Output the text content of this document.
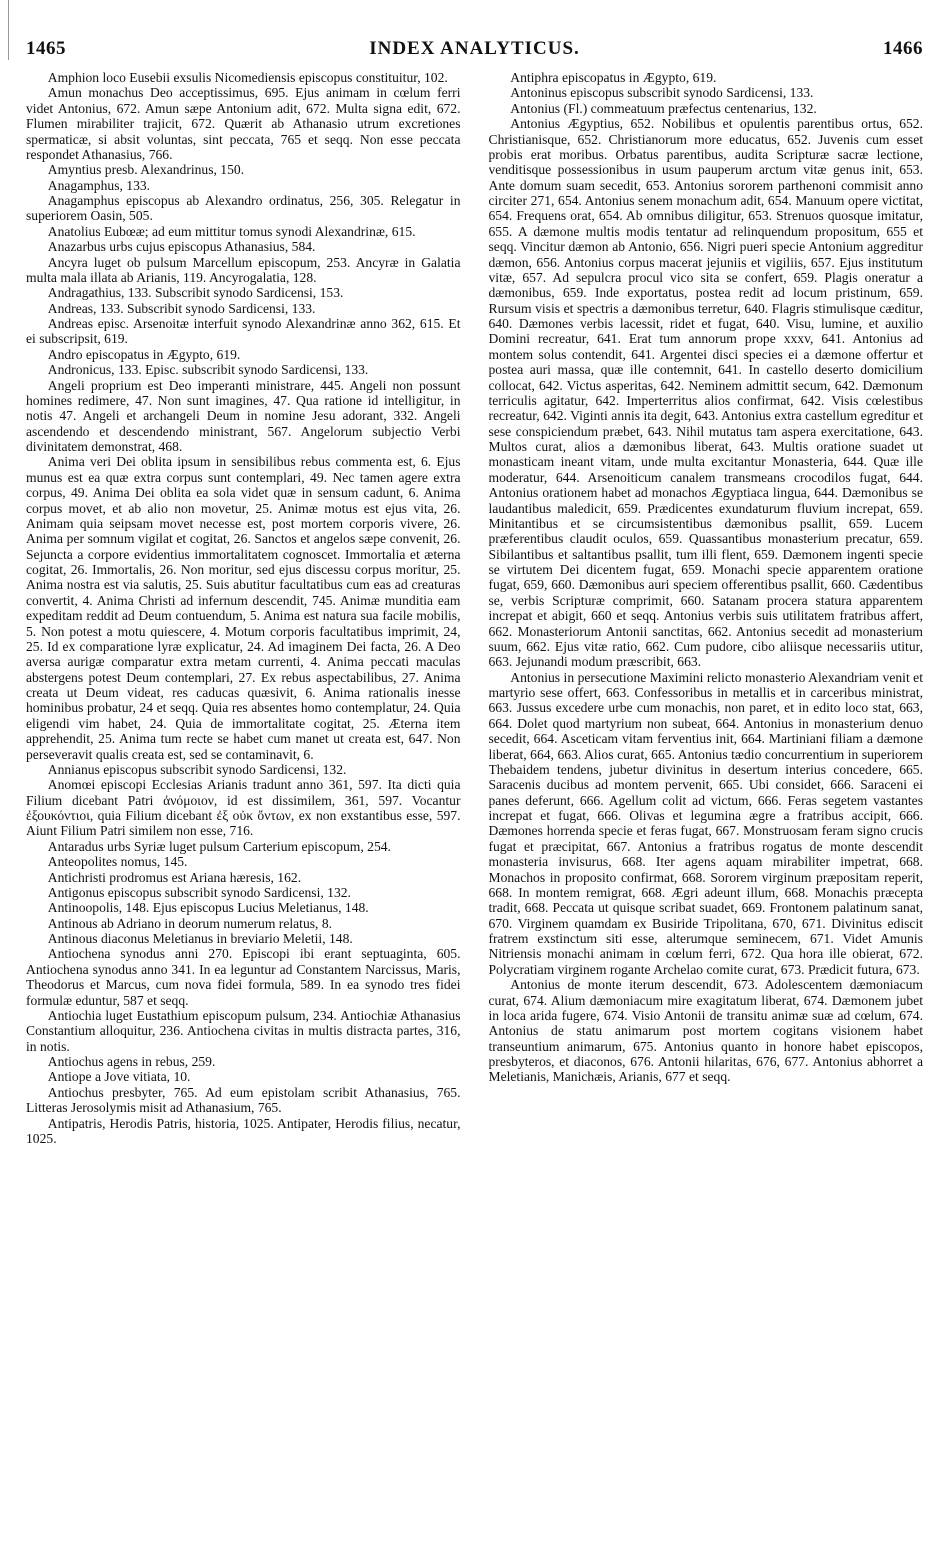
1465	INDEX ANALYTICUS.	1466

Amphion loco Eusebii exsulis Nicomediensis episcopus constituitur, 102.

Amun monachus Deo acceptissimus, 695. Ejus animam in cœlum ferri videt Antonius, 672. Amun sæpe Antonium adit, 672. Multa signa edit, 672. Flumen mirabiliter trajicit, 672. Quærit ab Athanasio utrum excretiones spermaticæ, si absit voluntas, sint peccata, 765 et seqq. Non esse peccata respondet Athanasius, 766.

Amyntius presb. Alexandrinus, 150.

Anagamphus, 133.

Anagamphus episcopus ab Alexandro ordinatus, 256, 305. Relegatur in superiorem Oasin, 505.

Anatolius Eubœæ; ad eum mittitur tomus synodi Alexandrinæ, 615.

Anazarbus urbs cujus episcopus Athanasius, 584.

Ancyra luget ob pulsum Marcellum episcopum, 253. Ancyræ in Galatia multa mala illata ab Arianis, 119. Ancyrogalatia, 128.

Andragathius, 133. Subscribit synodo Sardicensi, 153.

Andreas, 133. Subscribit synodo Sardicensi, 133.

Andreas episc. Arsenoitæ interfuit synodo Alexandrinæ anno 362, 615. Et ei subscripsit, 619.

Andro episcopatus in Ægypto, 619.

Andronicus, 133. Episc. subscribit synodo Sardicensi, 133.

Angeli proprium est Deo imperanti ministrare, 445. Angeli non possunt homines redimere, 47. Non sunt imagines, 47. Qua ratione id intelligitur, in notis 47. Angeli et archangeli Deum in nomine Jesu adorant, 332. Angeli ascendendo et descendendo ministrant, 567. Angelorum subjectio Verbi divinitatem demonstrat, 468.

Anima veri Dei oblita ipsum in sensibilibus rebus commenta est, 6. Ejus munus est ea quæ extra corpus sunt contemplari, 49. Nec tamen agere extra corpus, 49. Anima Dei oblita ea sola videt quæ in sensum cadunt, 6. Anima corpus movet, et ab alio non movetur, 25. Animæ motus est ejus vita, 26. Animam quia seipsam movet necesse est, post mortem corporis vivere, 26. Anima per somnum vigilat et cogitat, 26. Sanctos et angelos sæpe convenit, 26. Sejuncta a corpore evidentius immortalitatem cognoscet. Immortalia et æterna cogitat, 26. Immortalis, 26. Non moritur, sed ejus discessu corpus moritur, 25. Anima nostra est via salutis, 25. Suis abutitur facultatibus cum eas ad creaturas convertit, 4. Anima Christi ad infernum descendit, 745. Animæ munditia eam expeditam reddit ad Deum contuendum, 5. Anima est natura sua facile mobilis, 5. Non potest a motu quiescere, 4. Motum corporis facultatibus imprimit, 24, 25. Id ex comparatione lyræ explicatur, 24. Ad imaginem Dei facta, 26. A Deo aversa aurigæ comparatur extra metam currenti, 4. Anima peccati maculas abstergens potest Deum contemplari, 27. Ex rebus aspectabilibus, 27. Anima creata ut Deum videat, res caducas quæsivit, 6. Anima rationalis inesse hominibus probatur, 24 et seqq. Quia res absentes homo contemplatur, 24. Quia eligendi vim habet, 24. Quia de immortalitate cogitat, 25. Æterna item apprehendit, 25. Anima tum recte se habet cum manet ut creata est, 647. Non perseveravit qualis creata est, sed se contaminavit, 6.

Annianus episcopus subscribit synodo Sardicensi, 132.

Anomœi episcopi Ecclesias Arianis tradunt anno 361, 597. Ita dicti quia Filium dicebant Patri ἀνόμοιον, id est dissimilem, 361, 597. Vocantur ἐξουκόντιοι, quia Filium dicebant ἐξ οὐκ ὄντων, ex non exstantibus esse, 597. Aiunt Filium Patri similem non esse, 716.

Antaradus urbs Syriæ luget pulsum Carterium episcopum, 254.

Anteopolites nomus, 145.

Antichristi prodromus est Ariana hæresis, 162.

Antigonus episcopus subscribit synodo Sardicensi, 132.

Antinoopolis, 148. Ejus episcopus Lucius Meletianus, 148.

Antinous ab Adriano in deorum numerum relatus, 8.

Antinous diaconus Meletianus in breviario Meletii, 148.

Antiochena synodus anni 270. Episcopi ibi erant septuaginta, 605. Antiochena synodus anno 341. In ea leguntur ad Constantem Narcissus, Maris, Theodorus et Marcus, cum nova fidei formula, 589. In ea synodo tres fidei formulæ eduntur, 587 et seqq.

Antiochia luget Eustathium episcopum pulsum, 234. Antiochiæ Athanasius Constantium alloquitur, 236. Antiochena civitas in multis distracta partes, 316, in notis.

Antiochus agens in rebus, 259.

Antiope a Jove vitiata, 10.

Antiochus presbyter, 765. Ad eum epistolam scribit Athanasius, 765. Litteras Jerosolymis misit ad Athanasium, 765.

Antipatris, Herodis Patris, historia, 1025. Antipater, Herodis filius, necatur, 1025.

Antiphra episcopatus in Ægypto, 619.

Antoninus episcopus subscribit synodo Sardicensi, 133.

Antonius (Fl.) commeatuum præfectus centenarius, 132.

Antonius Ægyptius, 652. Nobilibus et opulentis parentibus ortus, 652. Christianisque, 652. Christianorum more educatus, 652. Juvenis cum esset probis erat moribus. Orbatus parentibus, audita Scripturæ sacræ lectione, venditisque possessionibus in usum pauperum arctum vitæ genus init, 653. Ante domum suam secedit, 653. Antonius sororem parthenoni commisit anno circiter 271, 654. Antonius senem monachum adit, 654. Manuum opere victitat, 654. Frequens orat, 654. Ab omnibus diligitur, 653. Strenuos quosque imitatur, 655. A dæmone multis modis tentatur ad relinquendum propositum, 655 et seqq. Vincitur dæmon ab Antonio, 656. Nigri pueri specie Antonium aggreditur dæmon, 656. Antonius corpus macerat jejuniis et vigiliis, 657. Ejus institutum vitæ, 657. Ad sepulcra procul vico sita se confert, 659. Plagis oneratur a dæmonibus, 659. Inde exportatus, postea redit ad locum pristinum, 659. Rursum visis et spectris a dæmonibus terretur, 640. Flagris stimulisque cæditur, 640. Dæmones verbis lacessit, ridet et fugat, 640. Visu, lumine, et auxilio Domini recreatur, 641. Erat tum annorum prope xxxv, 641. Antonius ad montem solus contendit, 641. Argentei disci species ei a dæmone offertur et postea auri massa, quæ ille contemnit, 641. In castello deserto domicilium collocat, 642. Victus asperitas, 642. Neminem admittit secum, 642. Dæmonum terriculis agitatur, 642. Imperterritus alios confirmat, 642. Visis cœlestibus recreatur, 642. Viginti annis ita degit, 643. Antonius extra castellum egreditur et sese conspiciendum præbet, 643. Nihil mutatus tam aspera exercitatione, 643. Multos curat, alios a dæmonibus liberat, 643. Multis oratione suadet ut monasticam ineant vitam, unde multa excitantur Monasteria, 644. Quæ ille moderatur, 644. Arsenoiticum canalem transmeans crocodilos fugat, 644. Antonius orationem habet ad monachos Ægyptiaca lingua, 644. Dæmonibus se laudantibus maledicit, 659. Prædicentes exundaturum fluvium increpat, 659. Minitantibus et se circumsistentibus dæmonibus psallit, 659. Lucem præferentibus claudit oculos, 659. Quassantibus monasterium precatur, 659. Sibilantibus et saltantibus psallit, tum illi flent, 659. Dæmonem ingenti specie se virtutem Dei dicentem fugat, 659. Monachi specie apparentem oratione fugat, 659, 660. Dæmonibus auri speciem offerentibus psallit, 660. Cædentibus se, verbis Scripturæ comprimit, 660. Satanam procera statura apparentem increpat et abigit, 660 et seqq. Antonius verbis suis utilitatem fratribus affert, 662. Monasteriorum Antonii sanctitas, 662. Antonius secedit ad monasterium suum, 662. Ejus vitæ ratio, 662. Cum pudore, cibo aliisque necessariis utitur, 663. Jejunandi modum præscribit, 663.

Antonius in persecutione Maximini relicto monasterio Alexandriam venit et martyrio sese offert, 663. Confessoribus in metallis et in carceribus ministrat, 663. Jussus excedere urbe cum monachis, non paret, et in edito loco stat, 663, 664. Dolet quod martyrium non subeat, 664. Antonius in monasterium denuo secedit, 664. Asceticam vitam ferventius init, 664. Martiniani filiam a dæmone liberat, 664, 663. Alios curat, 665. Antonius tædio concurrentium in superiorem Thebaidem tendens, jubetur divinitus in desertum interius concedere, 665. Saracenis ducibus ad montem pervenit, 665. Ubi considet, 666. Saraceni ei panes deferunt, 666. Agellum colit ad victum, 666. Feras segetem vastantes increpat et fugat, 666. Olivas et legumina ægre a fratribus accipit, 666. Dæmones horrenda specie et feras fugat, 667. Monstruosam feram signo crucis fugat et præcipitat, 667. Antonius a fratribus rogatus de monte descendit monasteria invisurus, 668. Iter agens aquam mirabiliter impetrat, 668. Monachos in proposito confirmat, 668. Sororem virginum præpositam reperit, 668. In montem remigrat, 668. Ægri adeunt illum, 668. Monachis præcepta tradit, 668. Peccata ut quisque scribat suadet, 669. Frontonem palatinum sanat, 670. Virginem quamdam ex Busiride Tripolitana, 670, 671. Divinitus ediscit fratrem exstinctum siti esse, alterumque seminecem, 671. Videt Amunis Nitriensis monachi animam in cœlum ferri, 672. Qua hora ille obierat, 672. Polycratiam virginem rogante Archelao comite curat, 673. Prædicit futura, 673.

Antonius de monte iterum descendit, 673. Adolescentem dæmoniacum curat, 674. Alium dæmoniacum mire exagitatum liberat, 674. Dæmonem jubet in loca arida fugere, 674. Visio Antonii de transitu animæ suæ ad cœlum, 674. Antonius de statu animarum post mortem cogitans visionem habet transeuntium animarum, 675. Antonius quanto in honore habet episcopos, presbyteros, et diaconos, 676. Antonii hilaritas, 676, 677. Antonius abhorret a Meletianis, Manichæis, Arianis, 677 et seqq.
